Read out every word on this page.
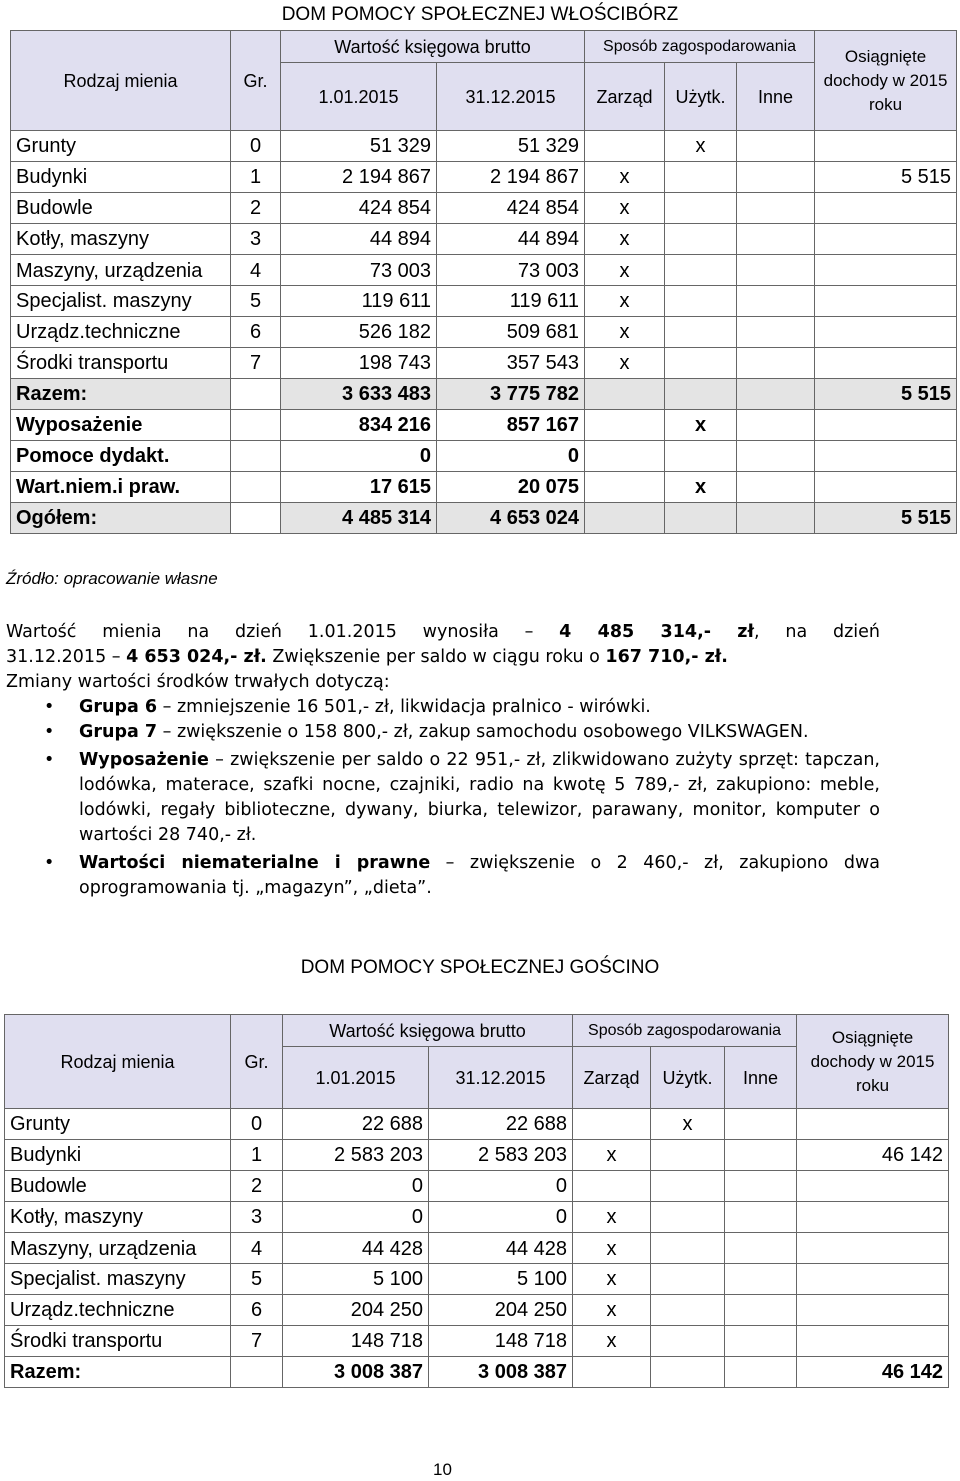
DOM POMOCY SPOŁECZNEJ WŁOŚCIBÓRZ
Rodzaj mienia	Gr.	Wartość księgowa brutto		Sposób zagospodarowania			Osiągnięte dochody w 2015 roku
		1.01.2015	31.12.2015	Zarząd	Użytk.	Inne	
Grunty	0	51 329	51 329		x		
Budynki	1	2 194 867	2 194 867	x			5 515
Budowle	2	424 854	424 854	x			
Kotły, maszyny	3	44 894	44 894	x			
Maszyny, urządzenia	4	73 003	73 003	x			
Specjalist. maszyny	5	119 611	119 611	x			
Urządz.techniczne	6	526 182	509 681	x			
Środki transportu	7	198 743	357 543	x			
Razem:		3 633 483	3 775 782				5 515
Wyposażenie		834 216	857 167		x		
Pomoce dydakt.		0	0				
Wart.niem.i praw.		17 615	20 075		x		
Ogółem:		4 485 314	4 653 024				5 515
Źródło: opracowanie własne
Wartość mienia na dzień 1.01.2015 wynosiła – 4 485 314,- zł, na dzień
31.12.2015 – 4 653 024,- zł. Zwiększenie per saldo w ciągu roku o 167 710,- zł.
Zmiany wartości środków trwałych dotyczą:
• Grupa 6 – zmniejszenie 16 501,- zł, likwidacja pralnico - wirówki.
• Grupa 7 – zwiększenie o 158 800,- zł, zakup samochodu osobowego VILKSWAGEN.
• Wyposażenie – zwiększenie per saldo o 22 951,- zł, zlikwidowano zużyty sprzęt: tapczan, lodówka, materace, szafki nocne, czajniki, radio na kwotę 5 789,- zł, zakupiono: meble, lodówki, regały biblioteczne, dywany, biurka, telewizor, parawany, monitor, komputer o wartości 28 740,- zł.
• Wartości niematerialne i prawne – zwiększenie o 2 460,- zł, zakupiono dwa oprogramowania tj. „magazyn”, „dieta”.
DOM POMOCY SPOŁECZNEJ GOŚCINO
Rodzaj mienia	Gr.	Wartość księgowa brutto		Sposób zagospodarowania			Osiągnięte dochody w 2015 roku
		1.01.2015	31.12.2015	Zarząd	Użytk.	Inne	
Grunty	0	22 688	22 688		x		
Budynki	1	2 583 203	2 583 203	x			46 142
Budowle	2	0	0				
Kotły, maszyny	3	0	0	x			
Maszyny, urządzenia	4	44 428	44 428	x			
Specjalist. maszyny	5	5 100	5 100	x			
Urządz.techniczne	6	204 250	204 250	x			
Środki transportu	7	148 718	148 718	x			
Razem:		3 008 387	3 008 387				46 142
10
